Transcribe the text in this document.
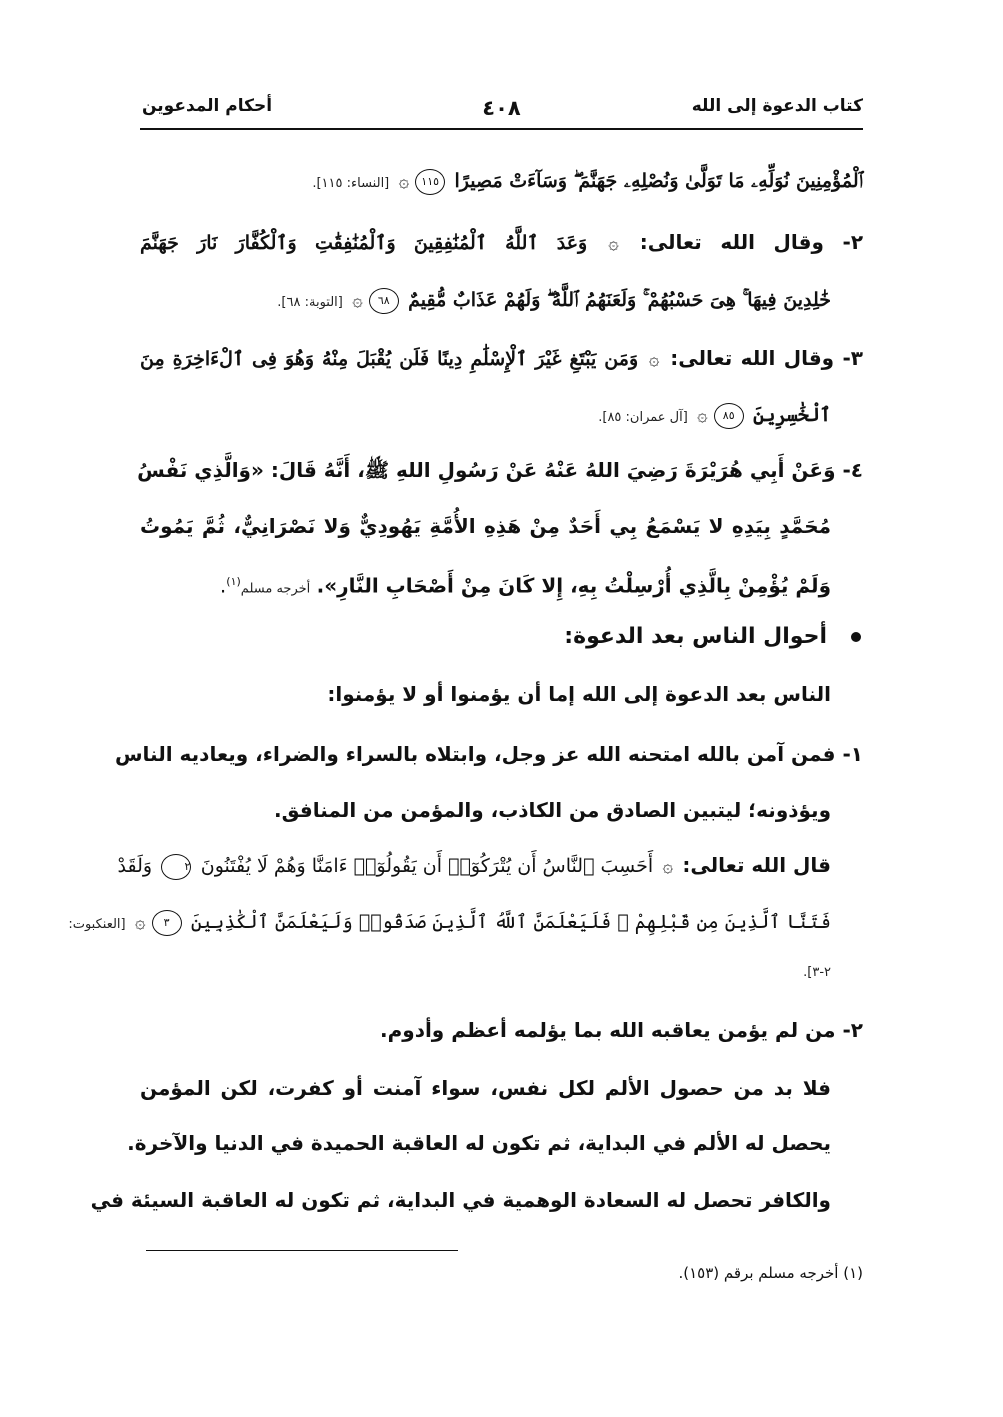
كتاب الدعوة إلى الله
٤٠٨
أحكام المدعوين
ٱلْمُؤْمِنِينَ نُوَلِّهِۦ مَا تَوَلَّىٰ وَنُصْلِهِۦ جَهَنَّمَ ۖ وَسَآءَتْ مَصِيرًا ١١٥۞ [النساء: ١١٥].
٢- وقال الله تعالى: ۞ وَعَدَ ٱللَّهُ ٱلْمُنَٰفِقِينَ وَٱلْمُنَٰفِقَٰتِ وَٱلْكُفَّارَ نَارَ جَهَنَّمَ
خَٰلِدِينَ فِيهَا ۚ هِىَ حَسْبُهُمْ ۚ وَلَعَنَهُمُ ٱللَّهُ ۖ وَلَهُمْ عَذَابٌ مُّقِيمٌ ٦٨۞ [التوبة: ٦٨].
٣- وقال الله تعالى: ۞ وَمَن يَبْتَغِ غَيْرَ ٱلْإِسْلَٰمِ دِينًا فَلَن يُقْبَلَ مِنْهُ وَهُوَ فِى ٱلْءَاخِرَةِ مِنَ
ٱلْخَٰسِرِينَ ٨٥۞ [آل عمران: ٨٥].
٤- وَعَنْ أَبِي هُرَيْرَةَ رَضِيَ اللهُ عَنْهُ عَنْ رَسُولِ اللهِ ﷺ، أَنَّهُ قَالَ: «وَالَّذِي نَفْسُ
مُحَمَّدٍ بِيَدِهِ لا يَسْمَعُ بِي أَحَدٌ مِنْ هَذِهِ الأُمَّةِ يَهُودِيٌّ وَلا نَصْرَانِيٌّ، ثُمَّ يَمُوتُ
وَلَمْ يُؤْمِنْ بِالَّذِي أُرْسِلْتُ بِهِ، إِلا كَانَ مِنْ أَصْحَابِ النَّارِ». أخرجه مسلم$^{(١)}$.
أحوال الناس بعد الدعوة:
الناس بعد الدعوة إلى الله إما أن يؤمنوا أو لا يؤمنوا:
١- فمن آمن بالله امتحنه الله عز وجل، وابتلاه بالسراء والضراء، ويعاديه الناس
ويؤذونه؛ ليتبين الصادق من الكاذب، والمؤمن من المنافق.
قال الله تعالى: ۞ أَحَسِبَ ٱلنَّاسُ أَن يُتْرَكُوٓا۟ أَن يَقُولُوٓا۟ ءَامَنَّا وَهُمْ لَا يُفْتَنُونَ ٢ وَلَقَدْ
فَتَنَّا ٱلَّذِينَ مِن قَبْلِهِمْ ۖ فَلَيَعْلَمَنَّ ٱللَّهُ ٱلَّذِينَ صَدَقُوا۟ وَلَيَعْلَمَنَّ ٱلْكَٰذِبِينَ ٣۞ [العنكبوت:
٢-٣].
٢- من لم يؤمن يعاقبه الله بما يؤلمه أعظم وأدوم.
فلا بد من حصول الألم لكل نفس، سواء آمنت أو كفرت، لكن المؤمن
يحصل له الألم في البداية، ثم تكون له العاقبة الحميدة في الدنيا والآخرة.
والكافر تحصل له السعادة الوهمية في البداية، ثم تكون له العاقبة السيئة في
(١) أخرجه مسلم برقم (١٥٣).
